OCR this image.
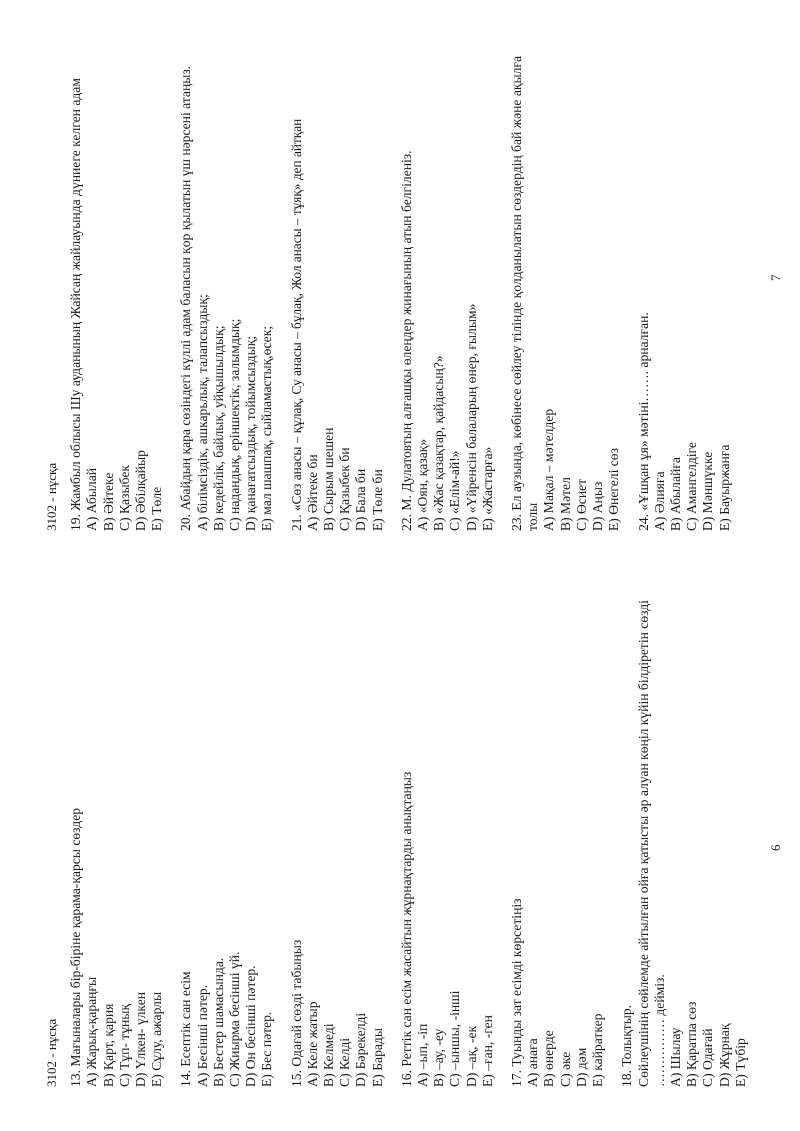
3102 - нұсқа 13. Мағыналары бір-біріне қарама-қарсы сөздер A) Жарық-қараңғы B) Қарт, қария C) Тұп- тұнық D) Үлкен- үлкен E) Сұлу, ажарлы 14. Есептік сан есім A) Бесінші пәтер. B) Бестер шамасында. C) Жиырма бесінші үй. D) Он бесінші пәтер. E) Бес пәтер. 15. Одағай сөзді табыңыз A) Келе жатыр B) Келмеді C) Келді D) Бәрекелді E) Барады 16. Реттік сан есім жасайтын жұрнақтарды анықтаңыз A) –ып, -іп B) –ау, -еу C) –ыншы, -інші D) –ақ, -ек E) –ған, -ген 17. Туынды зат есімді көрсетіңіз A) анаға B) өнерде C) әке D) дәм E) кайраткер 18. Толықтыр. Сөйлеушінің сөйлемде айтылған ойға қатысты әр алуан көңіл күйін білдіретін сөзді …………… деймiз. A) Шылау B) Қаратпа сөз C) Одағай D) Жұрнақ E) Түбір
6
3102 - нұсқа 19. Жамбыл облысы Шу ауданының Жайсаң жайлауында дүниеге келген адам A) Абылай B) Әйтеке C) Қазыбек D) Әбілқайыр E) Төле 20. Абайдың қара сөзіндегі күллі адам баласын қор қылатын үш нәрсені атаңыз. A) білімсіздік, ашкарьлық, талапсыздық; B) кедейлік, байлық, уйқышылдық; C) надандық, еріншектік, залымдық; D) қанағатсыздық, тойымсыздық; E) мал шашпақ, сыйламастық,өсек; 21. «Сөз анасы – құлақ, Су анасы – бұлақ, Жол анасы – тұяқ» деп айтқан A) Әйтеке би B) Сырым шешен C) Қазыбек би D) Бала би E) Төле би 22. М. Дулатовтың алғашқы өлеңдер жинағының атын белгіленіз. A) «Оян, қазақ» B) «Жас қазақтар, қайдасың?» C) «Елім-ай!» D) «Үйренсін балаларың өнер, ғылым» E) «Жастарға» 23. Ел аузында, көбінесе сөйлеу тілінде қолданылатын сөздердің бай және ақылға толы A) Мақал – мәтелдер B) Мәтел C) Өсиет D) Аңыз E) Өнегелі сөз 24. «Ұшқан ұя» мәтіні……. арналған. A) Әлияға B) Абылайға C) Амангелдіге D) Мәншүкке E) Бауыржанға
7
